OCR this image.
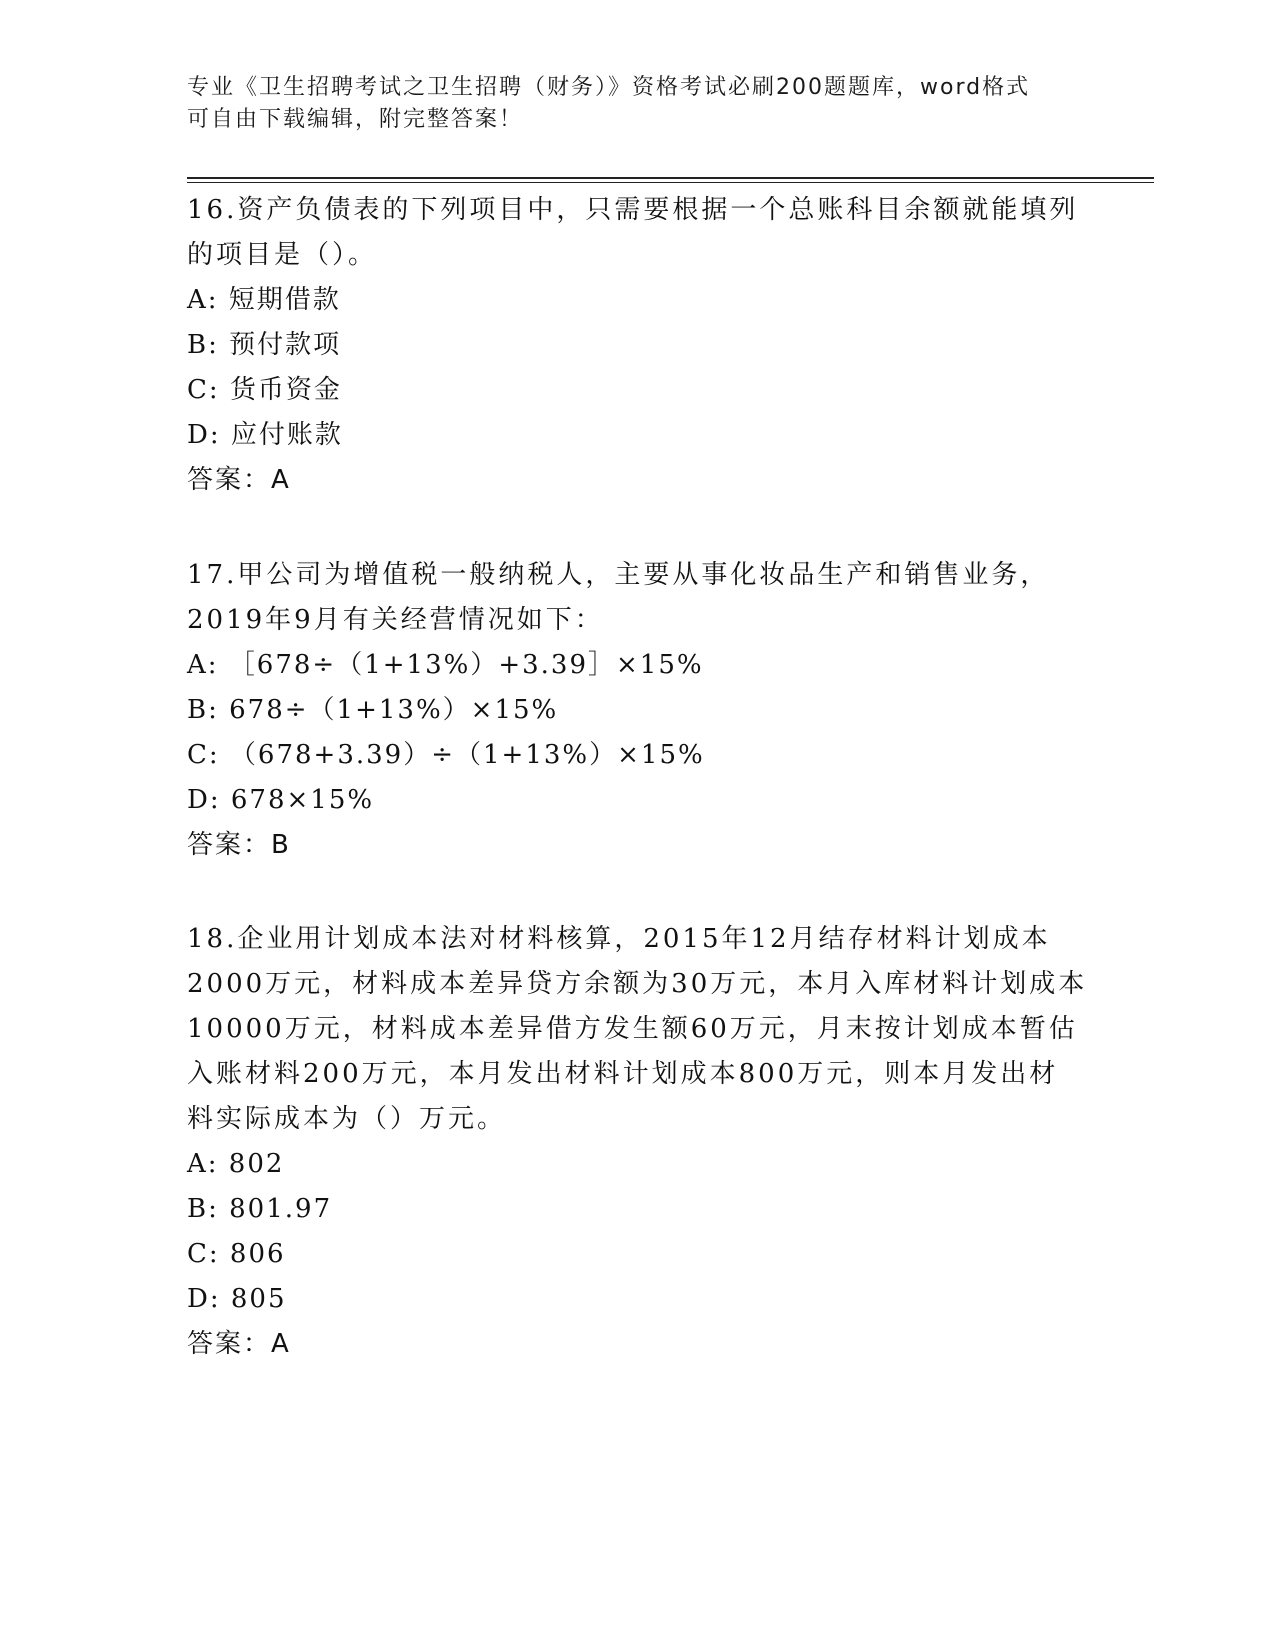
专业《卫生招聘考试之卫生招聘（财务）》资格考试必刷200题题库，word格式
可自由下载编辑，附完整答案！
16.资产负债表的下列项目中，只需要根据一个总账科目余额就能填列
的项目是（）。
A: 短期借款
B: 预付款项
C: 货币资金
D: 应付账款
答案：A
17.甲公司为增值税一般纳税人，主要从事化妆品生产和销售业务，
2019年9月有关经营情况如下：
A: ［678÷（1+13%）+3.39］×15%
B: 678÷（1+13%）×15%
C: （678+3.39）÷（1+13%）×15%
D: 678×15%
答案：B
18.企业用计划成本法对材料核算，2015年12月结存材料计划成本
2000万元，材料成本差异贷方余额为30万元，本月入库材料计划成本
10000万元，材料成本差异借方发生额60万元，月末按计划成本暂估
入账材料200万元，本月发出材料计划成本800万元，则本月发出材
料实际成本为（）万元。
A: 802
B: 801.97
C: 806
D: 805
答案：A
